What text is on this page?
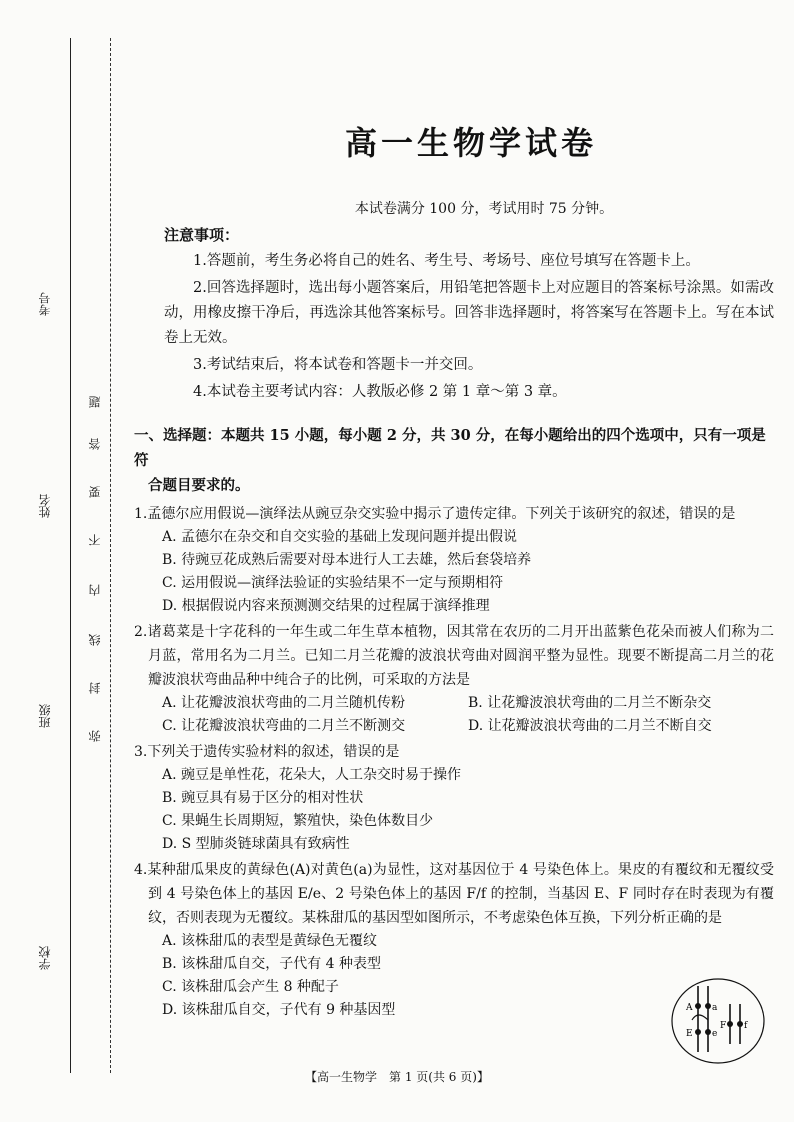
考号
姓名
班级
学校
题
答
要
不
内
线
封
弥
高一生物学试卷
本试卷满分 100 分，考试用时 75 分钟。
注意事项：

1.答题前，考生务必将自己的姓名、考生号、考场号、座位号填写在答题卡上。

2.回答选择题时，选出每小题答案后，用铅笔把答题卡上对应题目的答案标号涂黑。如需改动，用橡皮擦干净后，再选涂其他答案标号。回答非选择题时，将答案写在答题卡上。写在本试卷上无效。

3.考试结束后，将本试卷和答题卡一并交回。

4.本试卷主要考试内容：人教版必修 2 第 1 章～第 3 章。

一、选择题：本题共 15 小题，每小题 2 分，共 30 分，在每小题给出的四个选项中，只有一项是符
合题目要求的。
1.孟德尔应用假说—演绎法从豌豆杂交实验中揭示了遗传定律。下列关于该研究的叙述，错误的是
A. 孟德尔在杂交和自交实验的基础上发现问题并提出假说
B. 待豌豆花成熟后需要对母本进行人工去雄，然后套袋培养
C. 运用假说—演绎法验证的实验结果不一定与预期相符
D. 根据假说内容来预测测交结果的过程属于演绎推理
2.诸葛菜是十字花科的一年生或二年生草本植物，因其常在农历的二月开出蓝紫色花朵而被人们称为二月蓝，常用名为二月兰。已知二月兰花瓣的波浪状弯曲对圆润平整为显性。现要不断提高二月兰的花瓣波浪状弯曲品种中纯合子的比例，可采取的方法是
A. 让花瓣波浪状弯曲的二月兰随机传粉	B. 让花瓣波浪状弯曲的二月兰不断杂交
C. 让花瓣波浪状弯曲的二月兰不断测交	D. 让花瓣波浪状弯曲的二月兰不断自交
3.下列关于遗传实验材料的叙述，错误的是
A. 豌豆是单性花，花朵大，人工杂交时易于操作
B. 豌豆具有易于区分的相对性状
C. 果蝇生长周期短，繁殖快，染色体数目少
D. S 型肺炎链球菌具有致病性
4.某种甜瓜果皮的黄绿色(A)对黄色(a)为显性，这对基因位于 4 号染色体上。果皮的有覆纹和无覆纹受到 4 号染色体上的基因 E/e、2 号染色体上的基因 F/f 的控制，当基因 E、F 同时存在时表现为有覆纹，否则表现为无覆纹。某株甜瓜的基因型如图所示，不考虑染色体互换，下列分析正确的是
A. 该株甜瓜的表型是黄绿色无覆纹
B. 该株甜瓜自交，子代有 4 种表型
C. 该株甜瓜会产生 8 种配子
D. 该株甜瓜自交，子代有 9 种基因型	A a
E e
F f
【高一生物学　第 1 页(共 6 页)】
